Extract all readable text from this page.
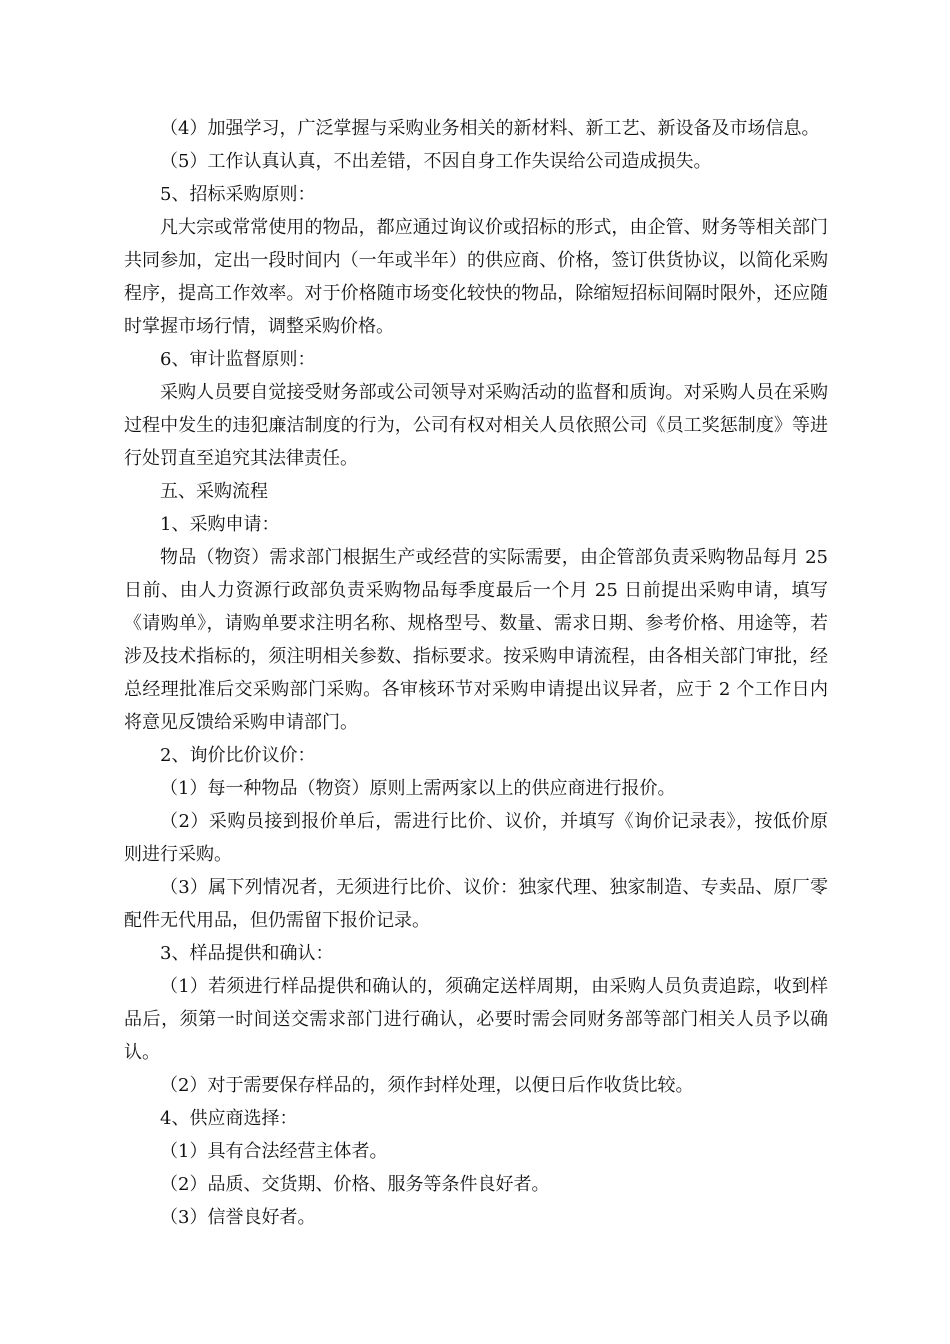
（4）加强学习，广泛掌握与采购业务相关的新材料、新工艺、新设备及市场信息。

（5）工作认真认真，不出差错，不因自身工作失误给公司造成损失。

5、招标采购原则：

凡大宗或常常使用的物品，都应通过询议价或招标的形式，由企管、财务等相关部门共同参加，定出一段时间内（一年或半年）的供应商、价格，签订供货协议，以简化采购程序，提高工作效率。对于价格随市场变化较快的物品，除缩短招标间隔时限外，还应随时掌握市场行情，调整采购价格。

6、审计监督原则：

采购人员要自觉接受财务部或公司领导对采购活动的监督和质询。对采购人员在采购过程中发生的违犯廉洁制度的行为，公司有权对相关人员依照公司《员工奖惩制度》等进行处罚直至追究其法律责任。

五、采购流程

1、采购申请：

物品（物资）需求部门根据生产或经营的实际需要，由企管部负责采购物品每月 25 日前、由人力资源行政部负责采购物品每季度最后一个月 25 日前提出采购申请，填写《请购单》，请购单要求注明名称、规格型号、数量、需求日期、参考价格、用途等，若涉及技术指标的，须注明相关参数、指标要求。按采购申请流程，由各相关部门审批，经总经理批准后交采购部门采购。各审核环节对采购申请提出议异者，应于 2 个工作日内将意见反馈给采购申请部门。

2、询价比价议价：

（1）每一种物品（物资）原则上需两家以上的供应商进行报价。

（2）采购员接到报价单后，需进行比价、议价，并填写《询价记录表》，按低价原则进行采购。

（3）属下列情况者，无须进行比价、议价：独家代理、独家制造、专卖品、原厂零配件无代用品，但仍需留下报价记录。

3、样品提供和确认：

（1）若须进行样品提供和确认的，须确定送样周期，由采购人员负责追踪，收到样品后，须第一时间送交需求部门进行确认，必要时需会同财务部等部门相关人员予以确认。

（2）对于需要保存样品的，须作封样处理，以便日后作收货比较。

4、供应商选择：

（1）具有合法经营主体者。

（2）品质、交货期、价格、服务等条件良好者。

（3）信誉良好者。
